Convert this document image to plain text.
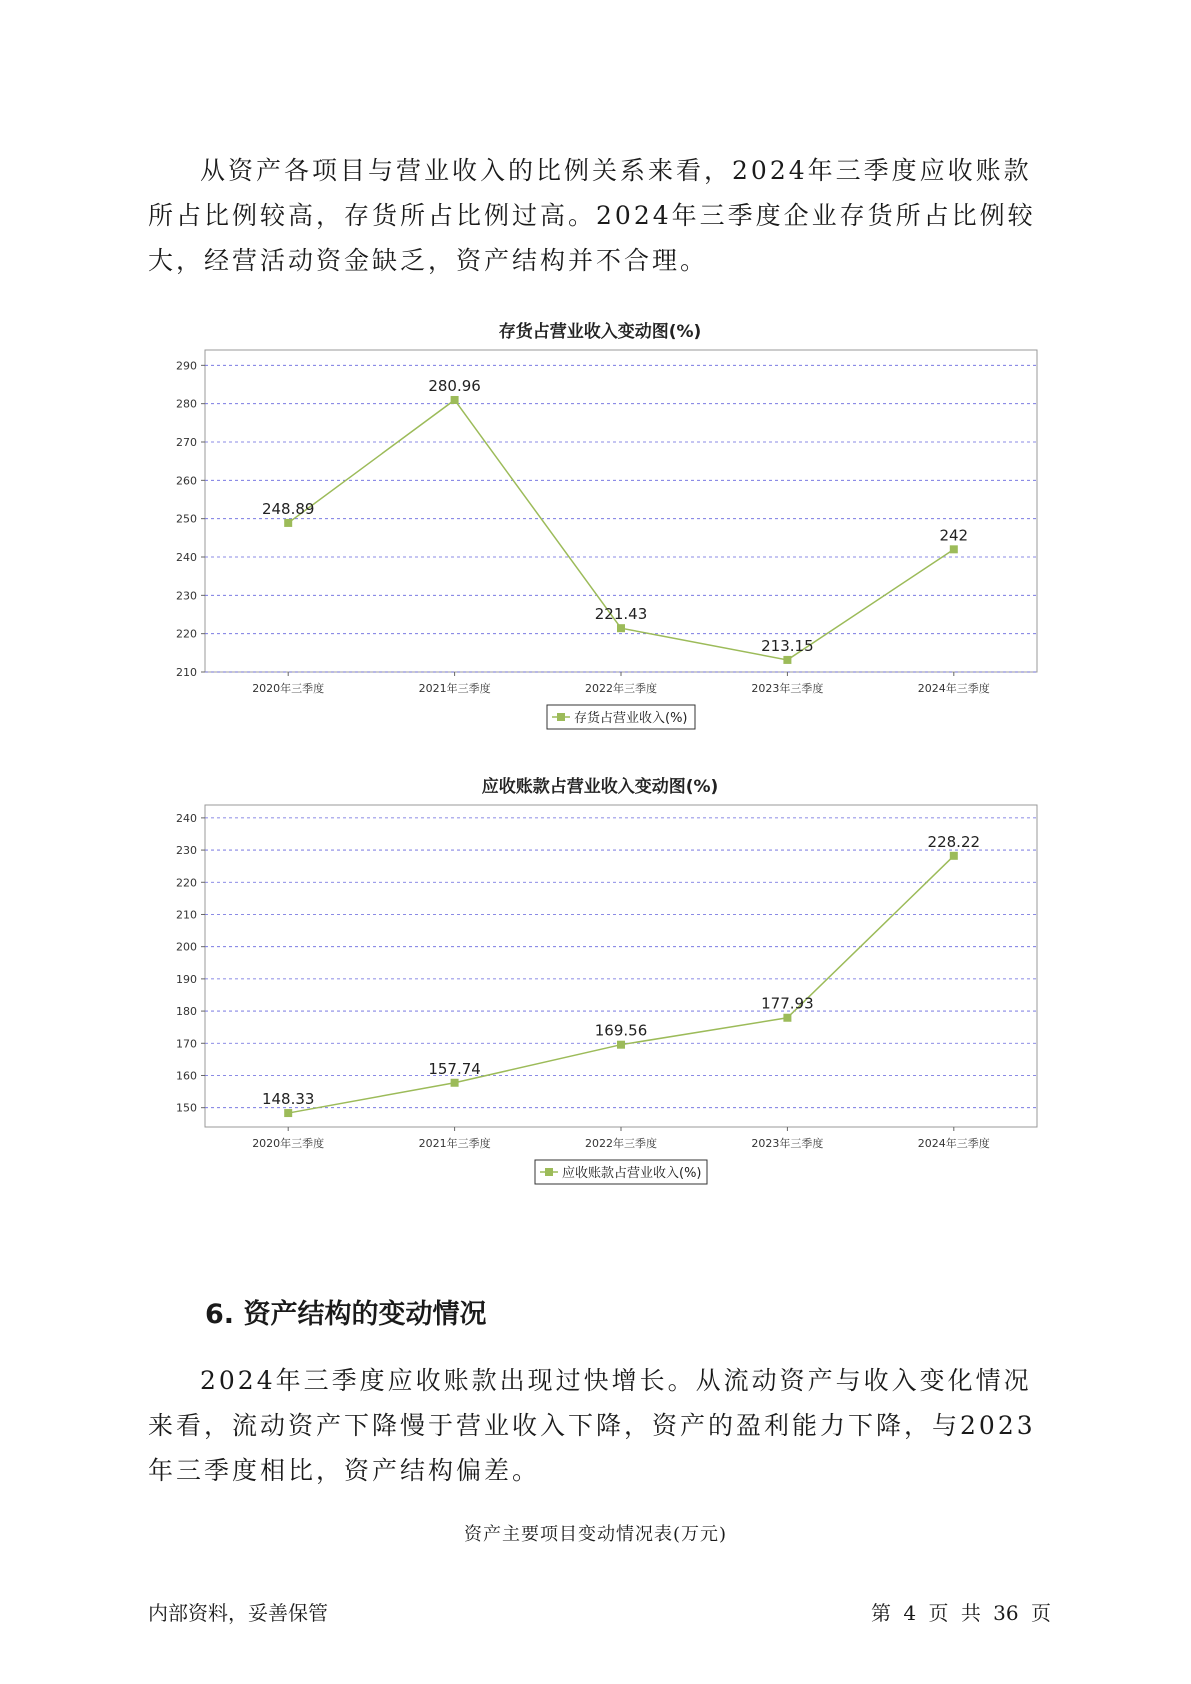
从资产各项目与营业收入的比例关系来看，2024年三季度应收账款所占比例较高，存货所占比例过高。2024年三季度企业存货所占比例较大，经营活动资金缺乏，资产结构并不合理。

存货占营业收入变动图(%)
210
220
230
240
250
260
270
280
290
2020年三季度	2021年三季度	2022年三季度	2023年三季度	2024年三季度
248.89
280.96
221.43
213.15
242
存货占营业收入(%)
应收账款占营业收入变动图(%)
150
160
170
180
190
200
210
220
230
240
2020年三季度	2021年三季度	2022年三季度	2023年三季度	2024年三季度
148.33
157.74
169.56
177.93
228.22
应收账款占营业收入(%)
6. 资产结构的变动情况

2024年三季度应收账款出现过快增长。从流动资产与收入变化情况来看，流动资产下降慢于营业收入下降，资产的盈利能力下降，与2023年三季度相比，资产结构偏差。

资产主要项目变动情况表(万元)
内部资料，妥善保管	第 4 页 共 36 页
